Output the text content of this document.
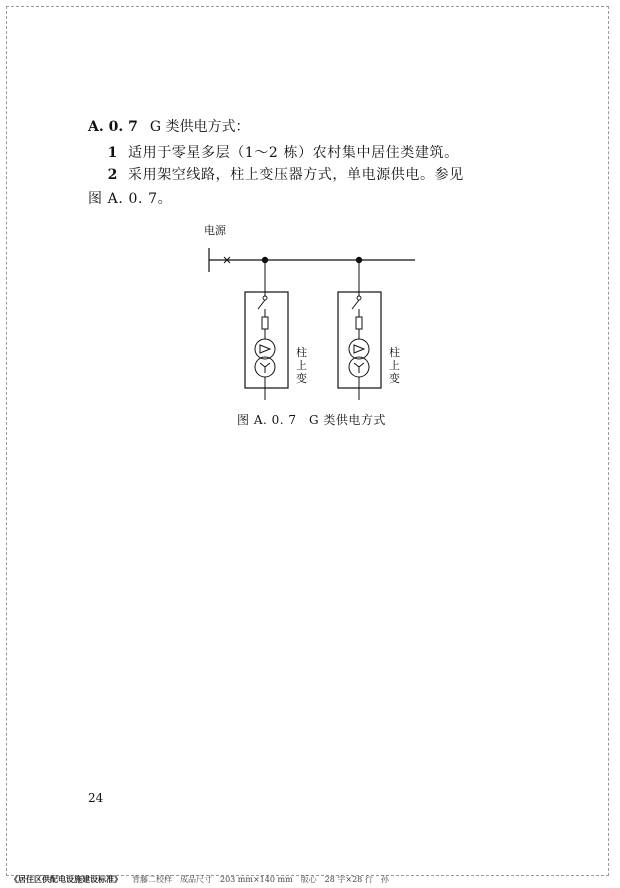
A. 0. 7 G 类供电方式：
1 适用于零星多层（1～2 栋）农村集中居住类建筑。
2 采用架空线路，柱上变压器方式，单电源供电。参见
图 A. 0. 7。
电源
柱 上 变
柱 上 变
图 A. 0. 7　G 类供电方式
24
《居住区供配电设施建设标准》 背藤二校样　成品尺寸　203 mm×140 mm　版心　28 字×28 行　孙
